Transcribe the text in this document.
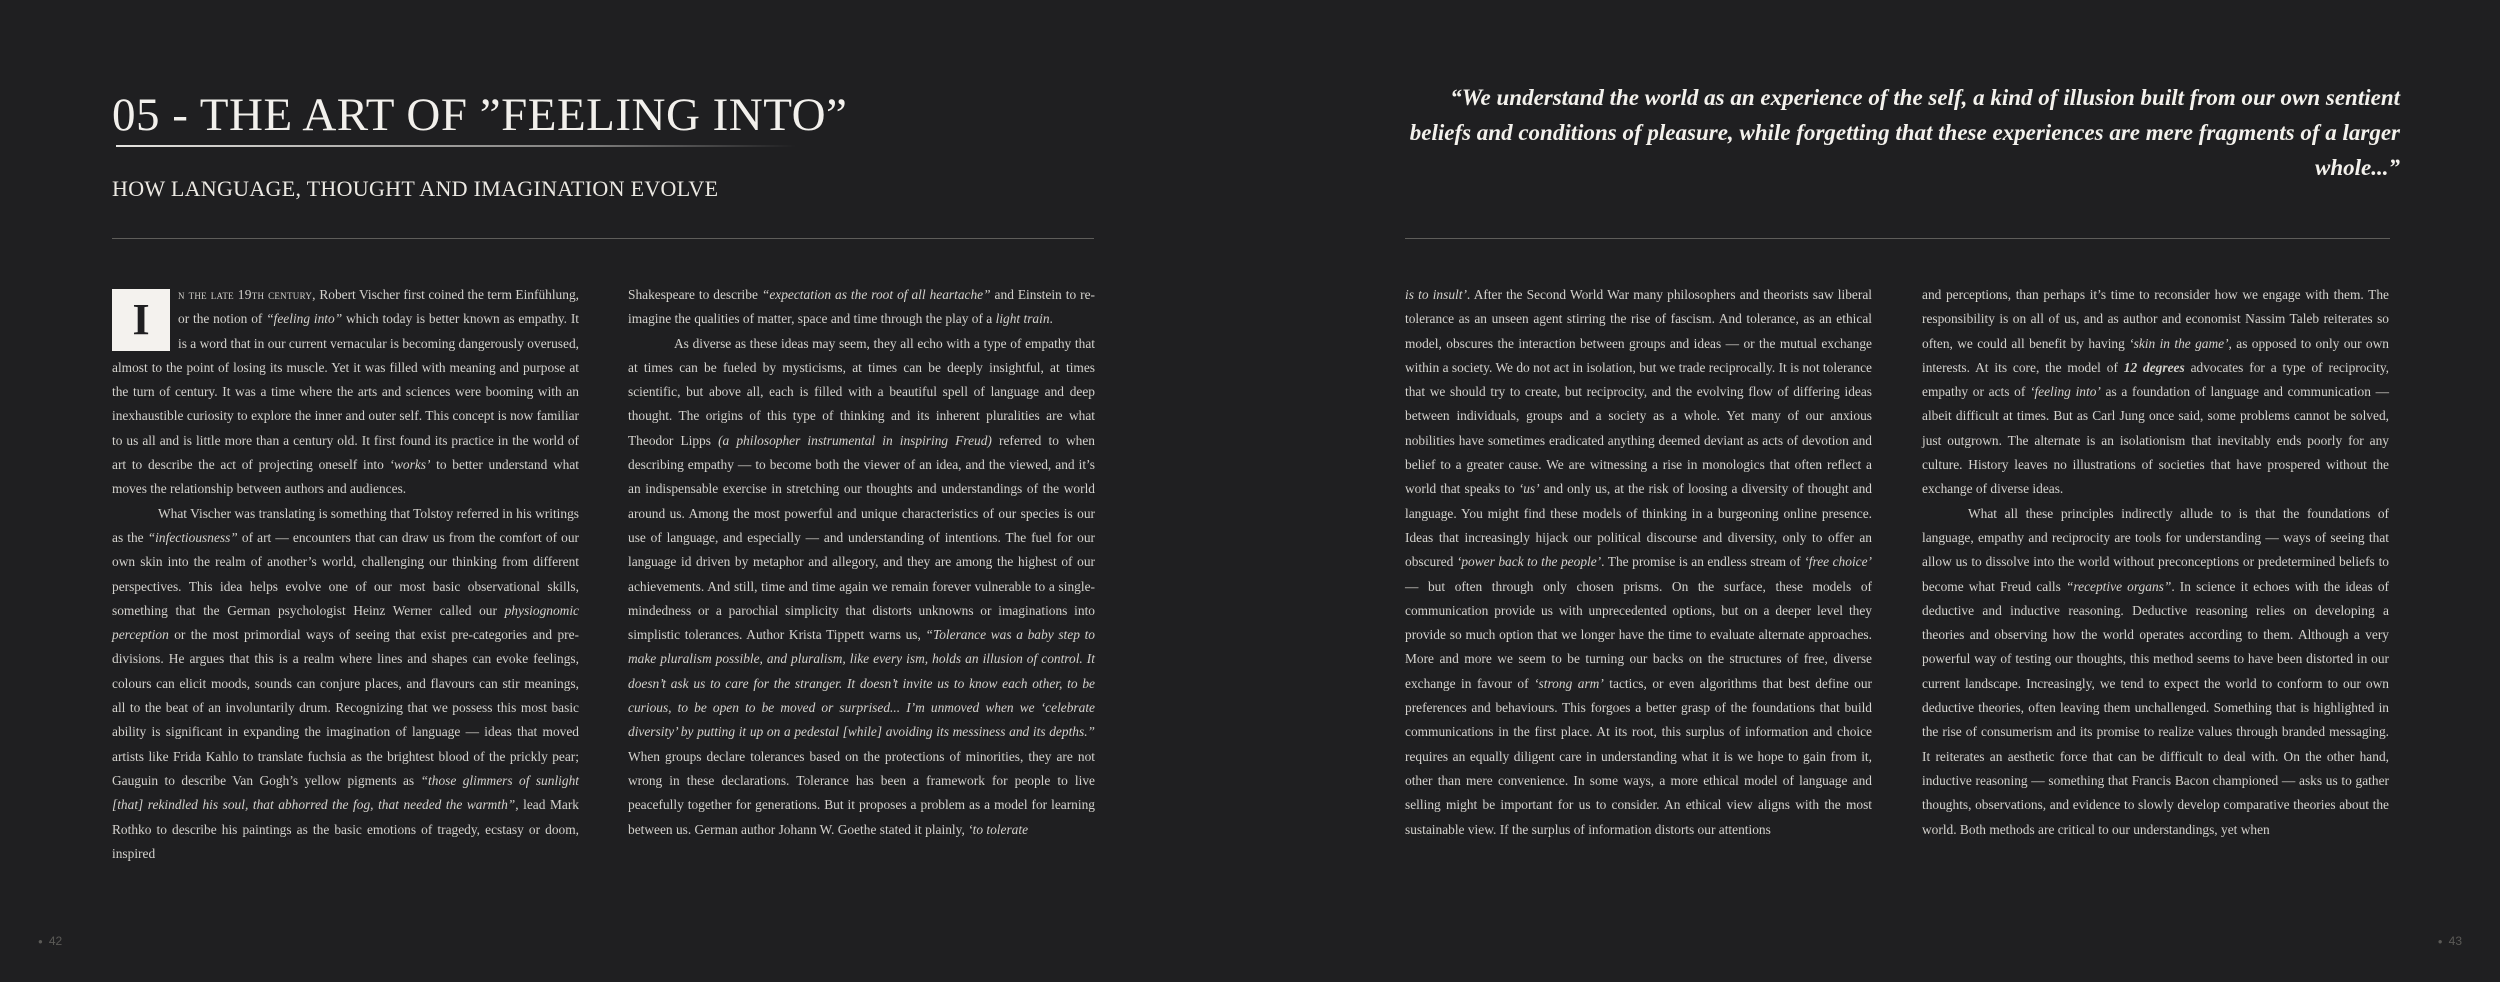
05 - THE ART OF ”FEELING INTO”
HOW LANGUAGE, THOUGHT AND IMAGINATION EVOLVE

I
n the late 19th century, Robert Vischer first coined the term Einfühlung, or the notion of “feeling into” which today is better known as empathy. It is a word that in our current vernacular is becoming dangerously overused, almost to the point of losing its muscle. Yet it was filled with meaning and purpose at the turn of century. It was a time where the arts and sciences were booming with an inexhaustible curiosity to explore the inner and outer self. This concept is now familiar to us all and is little more than a century old. It first found its practice in the world of art to describe the act of projecting oneself into ‘works’ to better understand what moves the relationship between authors and audiences.

What Vischer was translating is something that Tolstoy referred in his writings as the “infectiousness” of art — encounters that can draw us from the comfort of our own skin into the realm of another’s world, challenging our thinking from different perspectives. This idea helps evolve one of our most basic observational skills, something that the German psychologist Heinz Werner called our physiognomic perception or the most primordial ways of seeing that exist pre-categories and pre-divisions. He argues that this is a realm where lines and shapes can evoke feelings, colours can elicit moods, sounds can conjure places, and flavours can stir meanings, all to the beat of an involuntarily drum. Recognizing that we possess this most basic ability is significant in expanding the imagination of language — ideas that moved artists like Frida Kahlo to translate fuchsia as the brightest blood of the prickly pear; Gauguin to describe Van Gogh’s yellow pigments as “those glimmers of sunlight [that] rekindled his soul, that abhorred the fog, that needed the warmth”, lead Mark Rothko to describe his paintings as the basic emotions of tragedy, ecstasy or doom, inspired

Shakespeare to describe “expectation as the root of all heartache” and Einstein to re-imagine the qualities of matter, space and time through the play of a light train.

As diverse as these ideas may seem, they all echo with a type of empathy that at times can be fueled by mysticisms, at times can be deeply insightful, at times scientific, but above all, each is filled with a beautiful spell of language and deep thought. The origins of this type of thinking and its inherent pluralities are what Theodor Lipps (a philosopher instrumental in inspiring Freud) referred to when describing empathy — to become both the viewer of an idea, and the viewed, and it’s an indispensable exercise in stretching our thoughts and understandings of the world around us. Among the most powerful and unique characteristics of our species is our use of language, and especially — and understanding of intentions. The fuel for our language id driven by metaphor and allegory, and they are among the highest of our achievements. And still, time and time again we remain forever vulnerable to a single-mindedness or a parochial simplicity that distorts unknowns or imaginations into simplistic tolerances. Author Krista Tippett warns us, “Tolerance was a baby step to make pluralism possible, and pluralism, like every ism, holds an illusion of control. It doesn’t ask us to care for the stranger. It doesn’t invite us to know each other, to be curious, to be open to be moved or surprised... I’m unmoved when we ‘celebrate diversity’ by putting it up on a pedestal [while] avoiding its messiness and its depths.” When groups declare tolerances based on the protections of minorities, they are not wrong in these declarations. Tolerance has been a framework for people to live peacefully together for generations. But it proposes a problem as a model for learning between us. German author Johann W. Goethe stated it plainly, ‘to tolerate

● 42

“We understand the world as an experience of the self, a kind of illusion built from our own sentient beliefs and conditions of pleasure, while forgetting that these experiences are mere fragments of a larger whole...”

is to insult’. After the Second World War many philosophers and theorists saw liberal tolerance as an unseen agent stirring the rise of fascism. And tolerance, as an ethical model, obscures the interaction between groups and ideas — or the mutual exchange within a society. We do not act in isolation, but we trade reciprocally. It is not tolerance that we should try to create, but reciprocity, and the evolving flow of differing ideas between individuals, groups and a society as a whole. Yet many of our anxious nobilities have sometimes eradicated anything deemed deviant as acts of devotion and belief to a greater cause. We are witnessing a rise in monologics that often reflect a world that speaks to ‘us’ and only us, at the risk of loosing a diversity of thought and language. You might find these models of thinking in a burgeoning online presence. Ideas that increasingly hijack our political discourse and diversity, only to offer an obscured ‘power back to the people’. The promise is an endless stream of ‘free choice’ — but often through only chosen prisms. On the surface, these models of communication provide us with unprecedented options, but on a deeper level they provide so much option that we longer have the time to evaluate alternate approaches. More and more we seem to be turning our backs on the structures of free, diverse exchange in favour of ‘strong arm’ tactics, or even algorithms that best define our preferences and behaviours. This forgoes a better grasp of the foundations that build communications in the first place. At its root, this surplus of information and choice requires an equally diligent care in understanding what it is we hope to gain from it, other than mere convenience. In some ways, a more ethical model of language and selling might be important for us to consider. An ethical view aligns with the most sustainable view. If the surplus of information distorts our attentions

and perceptions, than perhaps it’s time to reconsider how we engage with them. The responsibility is on all of us, and as author and economist Nassim Taleb reiterates so often, we could all benefit by having ‘skin in the game’, as opposed to only our own interests. At its core, the model of 12 degrees advocates for a type of reciprocity, empathy or acts of ‘feeling into’ as a foundation of language and communication — albeit difficult at times. But as Carl Jung once said, some problems cannot be solved, just outgrown. The alternate is an isolationism that inevitably ends poorly for any culture. History leaves no illustrations of societies that have prospered without the exchange of diverse ideas.

What all these principles indirectly allude to is that the foundations of language, empathy and reciprocity are tools for understanding — ways of seeing that allow us to dissolve into the world without preconceptions or predetermined beliefs to become what Freud calls “receptive organs”. In science it echoes with the ideas of deductive and inductive reasoning. Deductive reasoning relies on developing a theories and observing how the world operates according to them. Although a very powerful way of testing our thoughts, this method seems to have been distorted in our current landscape. Increasingly, we tend to expect the world to conform to our own deductive theories, often leaving them unchallenged. Something that is highlighted in the rise of consumerism and its promise to realize values through branded messaging. It reiterates an aesthetic force that can be difficult to deal with. On the other hand, inductive reasoning — something that Francis Bacon championed — asks us to gather thoughts, observations, and evidence to slowly develop comparative theories about the world. Both methods are critical to our understandings, yet when

● 43
